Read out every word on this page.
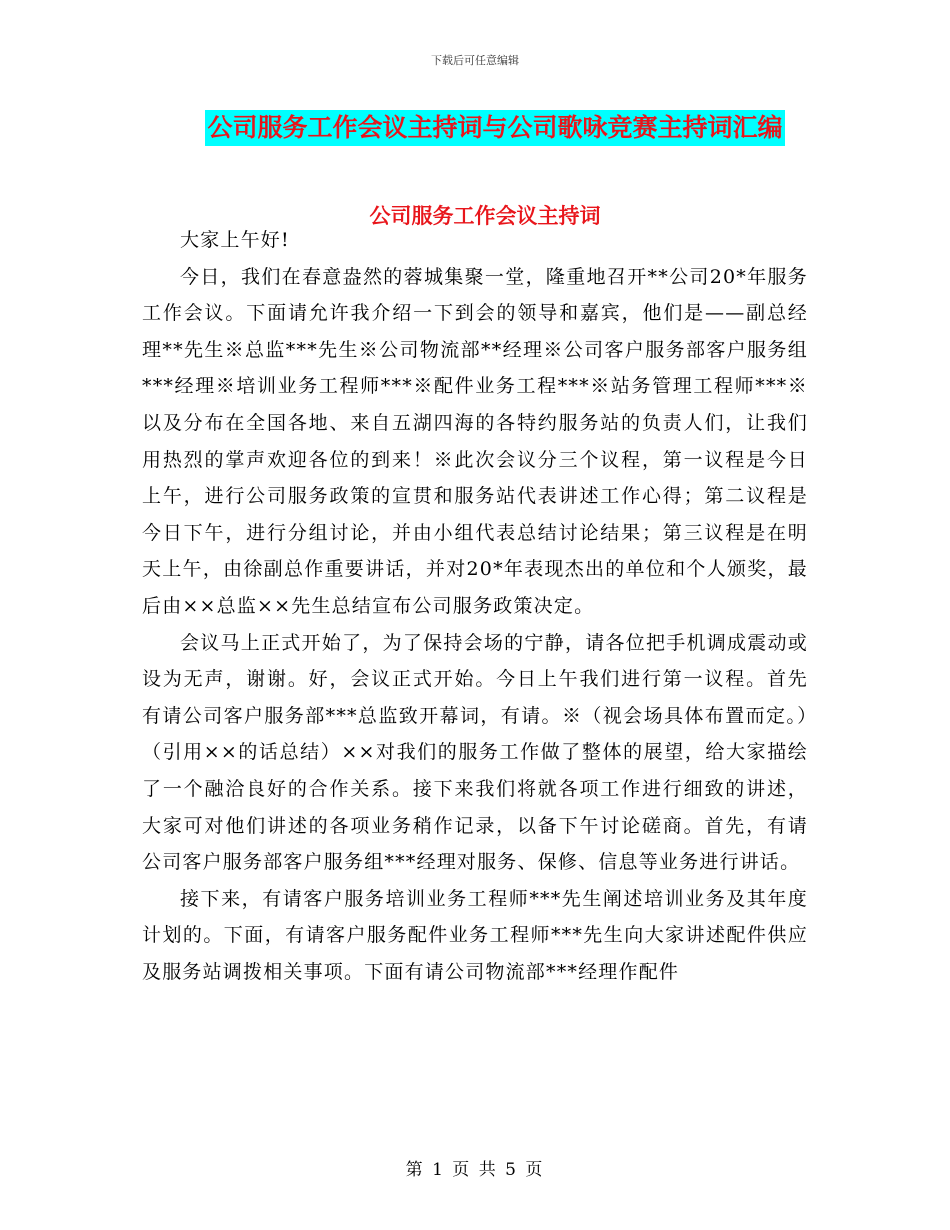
下载后可任意编辑
公司服务工作会议主持词与公司歌咏竞赛主持词汇编
公司服务工作会议主持词

大家上午好!

今日，我们在春意盎然的蓉城集聚一堂，隆重地召开**公司20*年服务工作会议。下面请允许我介绍一下到会的领导和嘉宾，他们是——副总经理**先生※总监***先生※公司物流部**经理※公司客户服务部客户服务组***经理※培训业务工程师***※配件业务工程***※站务管理工程师***※以及分布在全国各地、来自五湖四海的各特约服务站的负责人们，让我们用热烈的掌声欢迎各位的到来！※此次会议分三个议程，第一议程是今日上午，进行公司服务政策的宣贯和服务站代表讲述工作心得；第二议程是今日下午，进行分组讨论，并由小组代表总结讨论结果；第三议程是在明天上午，由徐副总作重要讲话，并对20*年表现杰出的单位和个人颁奖，最后由××总监××先生总结宣布公司服务政策决定。

会议马上正式开始了，为了保持会场的宁静，请各位把手机调成震动或设为无声，谢谢。好，会议正式开始。今日上午我们进行第一议程。首先有请公司客户服务部***总监致开幕词，有请。※（视会场具体布置而定。）（引用××的话总结）××对我们的服务工作做了整体的展望，给大家描绘了一个融洽良好的合作关系。接下来我们将就各项工作进行细致的讲述，大家可对他们讲述的各项业务稍作记录，以备下午讨论磋商。首先，有请公司客户服务部客户服务组***经理对服务、保修、信息等业务进行讲话。

接下来，有请客户服务培训业务工程师***先生阐述培训业务及其年度计划的。下面，有请客户服务配件业务工程师***先生向大家讲述配件供应及服务站调拨相关事项。下面有请公司物流部***经理作配件

第 1 页 共 5 页
